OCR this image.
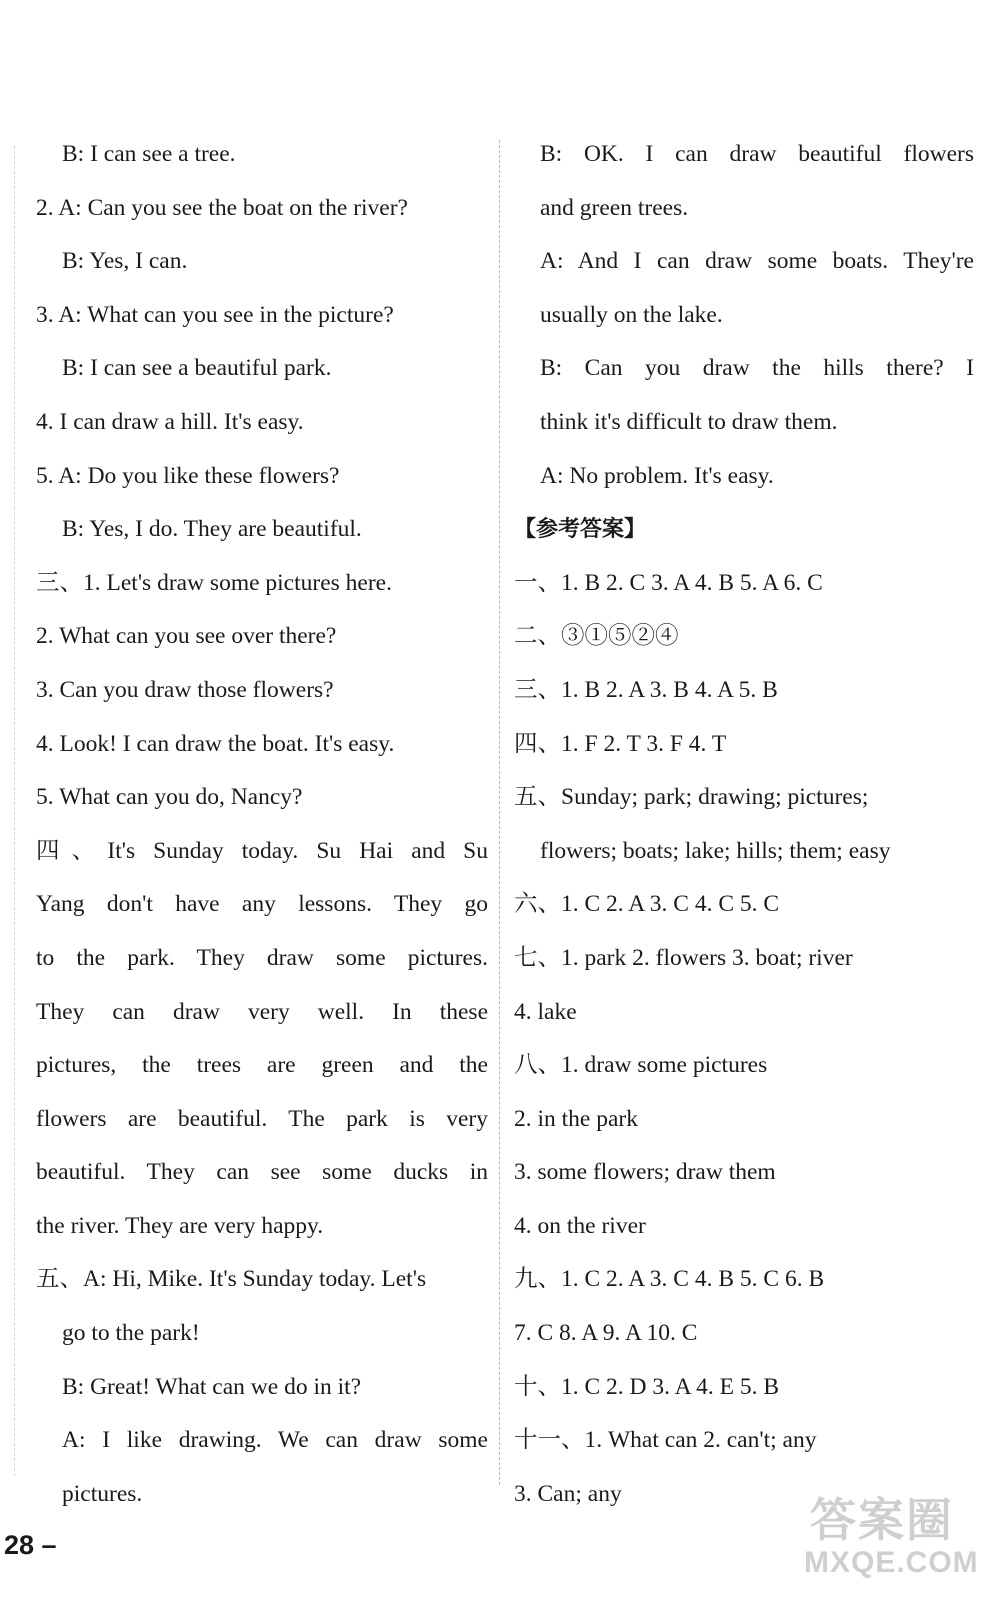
B: I can see a tree.
2. A: Can you see the boat on the river?
B: Yes, I can.
3. A: What can you see in the picture?
B: I can see a beautiful park.
4. I can draw a hill. It's easy.
5. A: Do you like these flowers?
B: Yes, I do. They are beautiful.
三、1. Let's draw some pictures here.
2. What can you see over there?
3. Can you draw those flowers?
4. Look! I can draw the boat. It's easy.
5. What can you do, Nancy?
四、It's Sunday today. Su Hai and Su
Yang don't have any lessons. They go
to the park. They draw some pictures.
They can draw very well. In these
pictures, the trees are green and the
flowers are beautiful. The park is very
beautiful. They can see some ducks in
the river. They are very happy.
五、A: Hi, Mike. It's Sunday today. Let's
go to the park!
B: Great! What can we do in it?
A: I like drawing. We can draw some
pictures.
B: OK. I can draw beautiful flowers
and green trees.
A: And I can draw some boats. They're
usually on the lake.
B: Can you draw the hills there? I
think it's difficult to draw them.
A: No problem. It's easy.
【参考答案】
一、1. B 2. C 3. A 4. B 5. A 6. C
二、③①⑤②④
三、1. B 2. A 3. B 4. A 5. B
四、1. F 2. T 3. F 4. T
五、Sunday; park; drawing; pictures;
flowers; boats; lake; hills; them; easy
六、1. C 2. A 3. C 4. C 5. C
七、1. park 2. flowers 3. boat; river
4. lake
八、1. draw some pictures
2. in the park
3. some flowers; draw them
4. on the river
九、1. C 2. A 3. C 4. B 5. C 6. B
7. C 8. A 9. A 10. C
十、1. C 2. D 3. A 4. E 5. B
十一、1. What can 2. can't; any
3. Can; any
28 –	答案圈
MXQE.COM
